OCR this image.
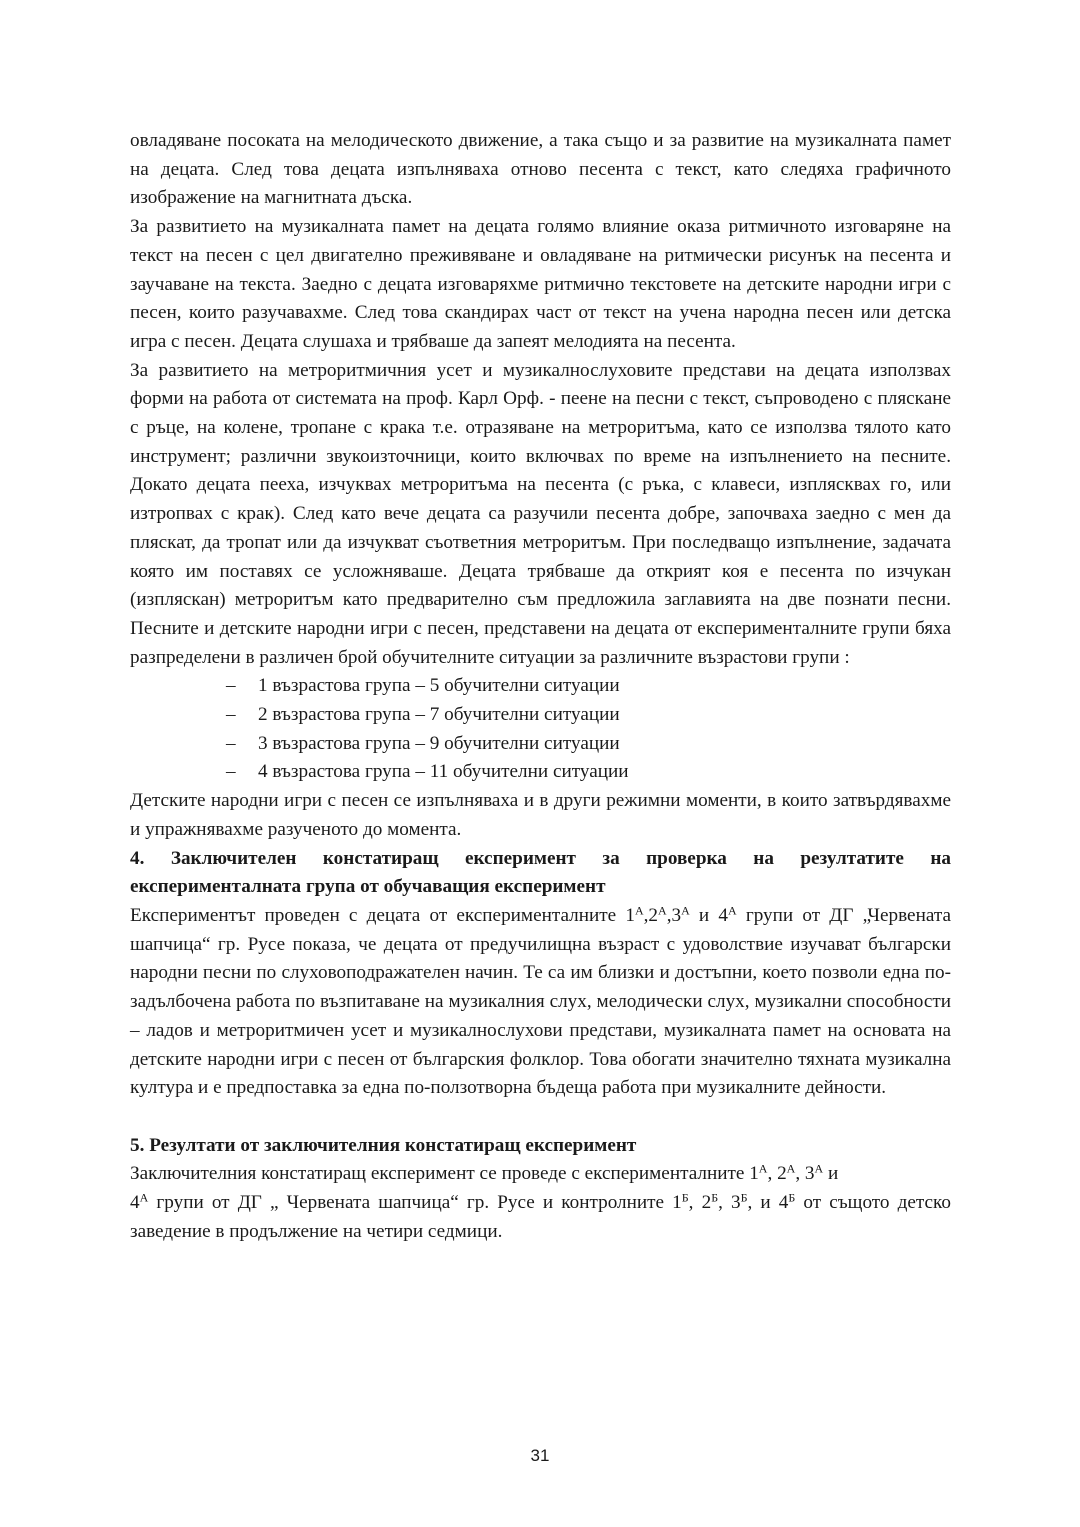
овладяване посоката на мелодическото движение, а така също и за развитие на музикалната памет на децата. След това децата изпълняваха отново песента с текст, като следяха графичното изображение на магнитната дъска.

За развитието на музикалната памет на децата голямо влияние оказа ритмичното изговаряне на текст на песен с цел двигателно преживяване и овладяване на ритмически рисунък на песента и заучаване на текста. Заедно с децата изговаряхме ритмично текстовете на детските народни игри с песен, които разучавахме. След това скандирах част от текст на учена народна песен или детска игра с песен. Децата слушаха и трябваше да запеят мелодията на песента.

За развитието на метроритмичния усет и музикалнослуховите представи на децата използвах форми на работа от системата на проф. Карл Орф. - пеене на песни с текст, съпроводено с пляскане с ръце, на колене, тропане с крака т.е. отразяване на метроритъма, като се използва тялото като инструмент; различни звукоизточници, които включвах по време на изпълнението на песните. Докато децата пееха, изчуквах метроритъма на песента (с ръка, с клавеси, изпляcквах го, или изтропвах с крак). След като вече децата са разучили песента добре, започваха заедно с мен да пляскат, да тропат или да изчукват съответния метроритъм. При последващо изпълнение, задачата която им поставях се усложняваше. Децата трябваше да открият коя е песента по изчукан (изпляскан) метроритъм като предварително съм предложила заглавията на две познати песни. Песните и детските народни игри с песен, представени на децата от експерименталните групи бяха разпределени в различен брой обучителните ситуации за различните възрастови групи :

– 1 възрастова група – 5 обучителни ситуации
– 2 възрастова група – 7 обучителни ситуации
– 3 възрастова група – 9 обучителни ситуации
– 4 възрастова група – 11 обучителни ситуации

Детските народни игри с песен се изпълняваха и в други режимни моменти, в които затвърдявахме и упражнявахме разученото до момента.

4. Заключителен констатиращ експеримент за проверка на резултатите на експерименталната група от обучаващия експеримент

Експериментът проведен с децата от експерименталните $1^А,2^А,3^А$ и $4^А$ групи от ДГ „Червената шапчица“ гр. Русе показа, че децата от предучилищна възраст с удоволствие изучават български народни песни по слуховоподражателен начин. Те са им близки и достъпни, което позволи една по-задълбочена работа по възпитаване на музикалния слух, мелодически слух, музикални способности – ладов и метроритмичен усет и музикалнослухови представи, музикалната памет на основата на детските народни игри с песен от българския фолклор. Това обогати значително тяхната музикална култура и е предпоставка за една по-ползотворна бъдеща работа при музикалните дейности.

5. Резултати от заключителния констатиращ експеримент

Заключителния констатиращ експеримент се проведе с експерименталните $1^А$, $2^А$, $3^А$ и
$4^А$ групи от ДГ „ Червената шапчица“ гр. Русе и контролните $1^Б$, $2^Б$, $3^Б$, и $4^Б$ от същото детско заведение в продължение на четири седмици.

31
